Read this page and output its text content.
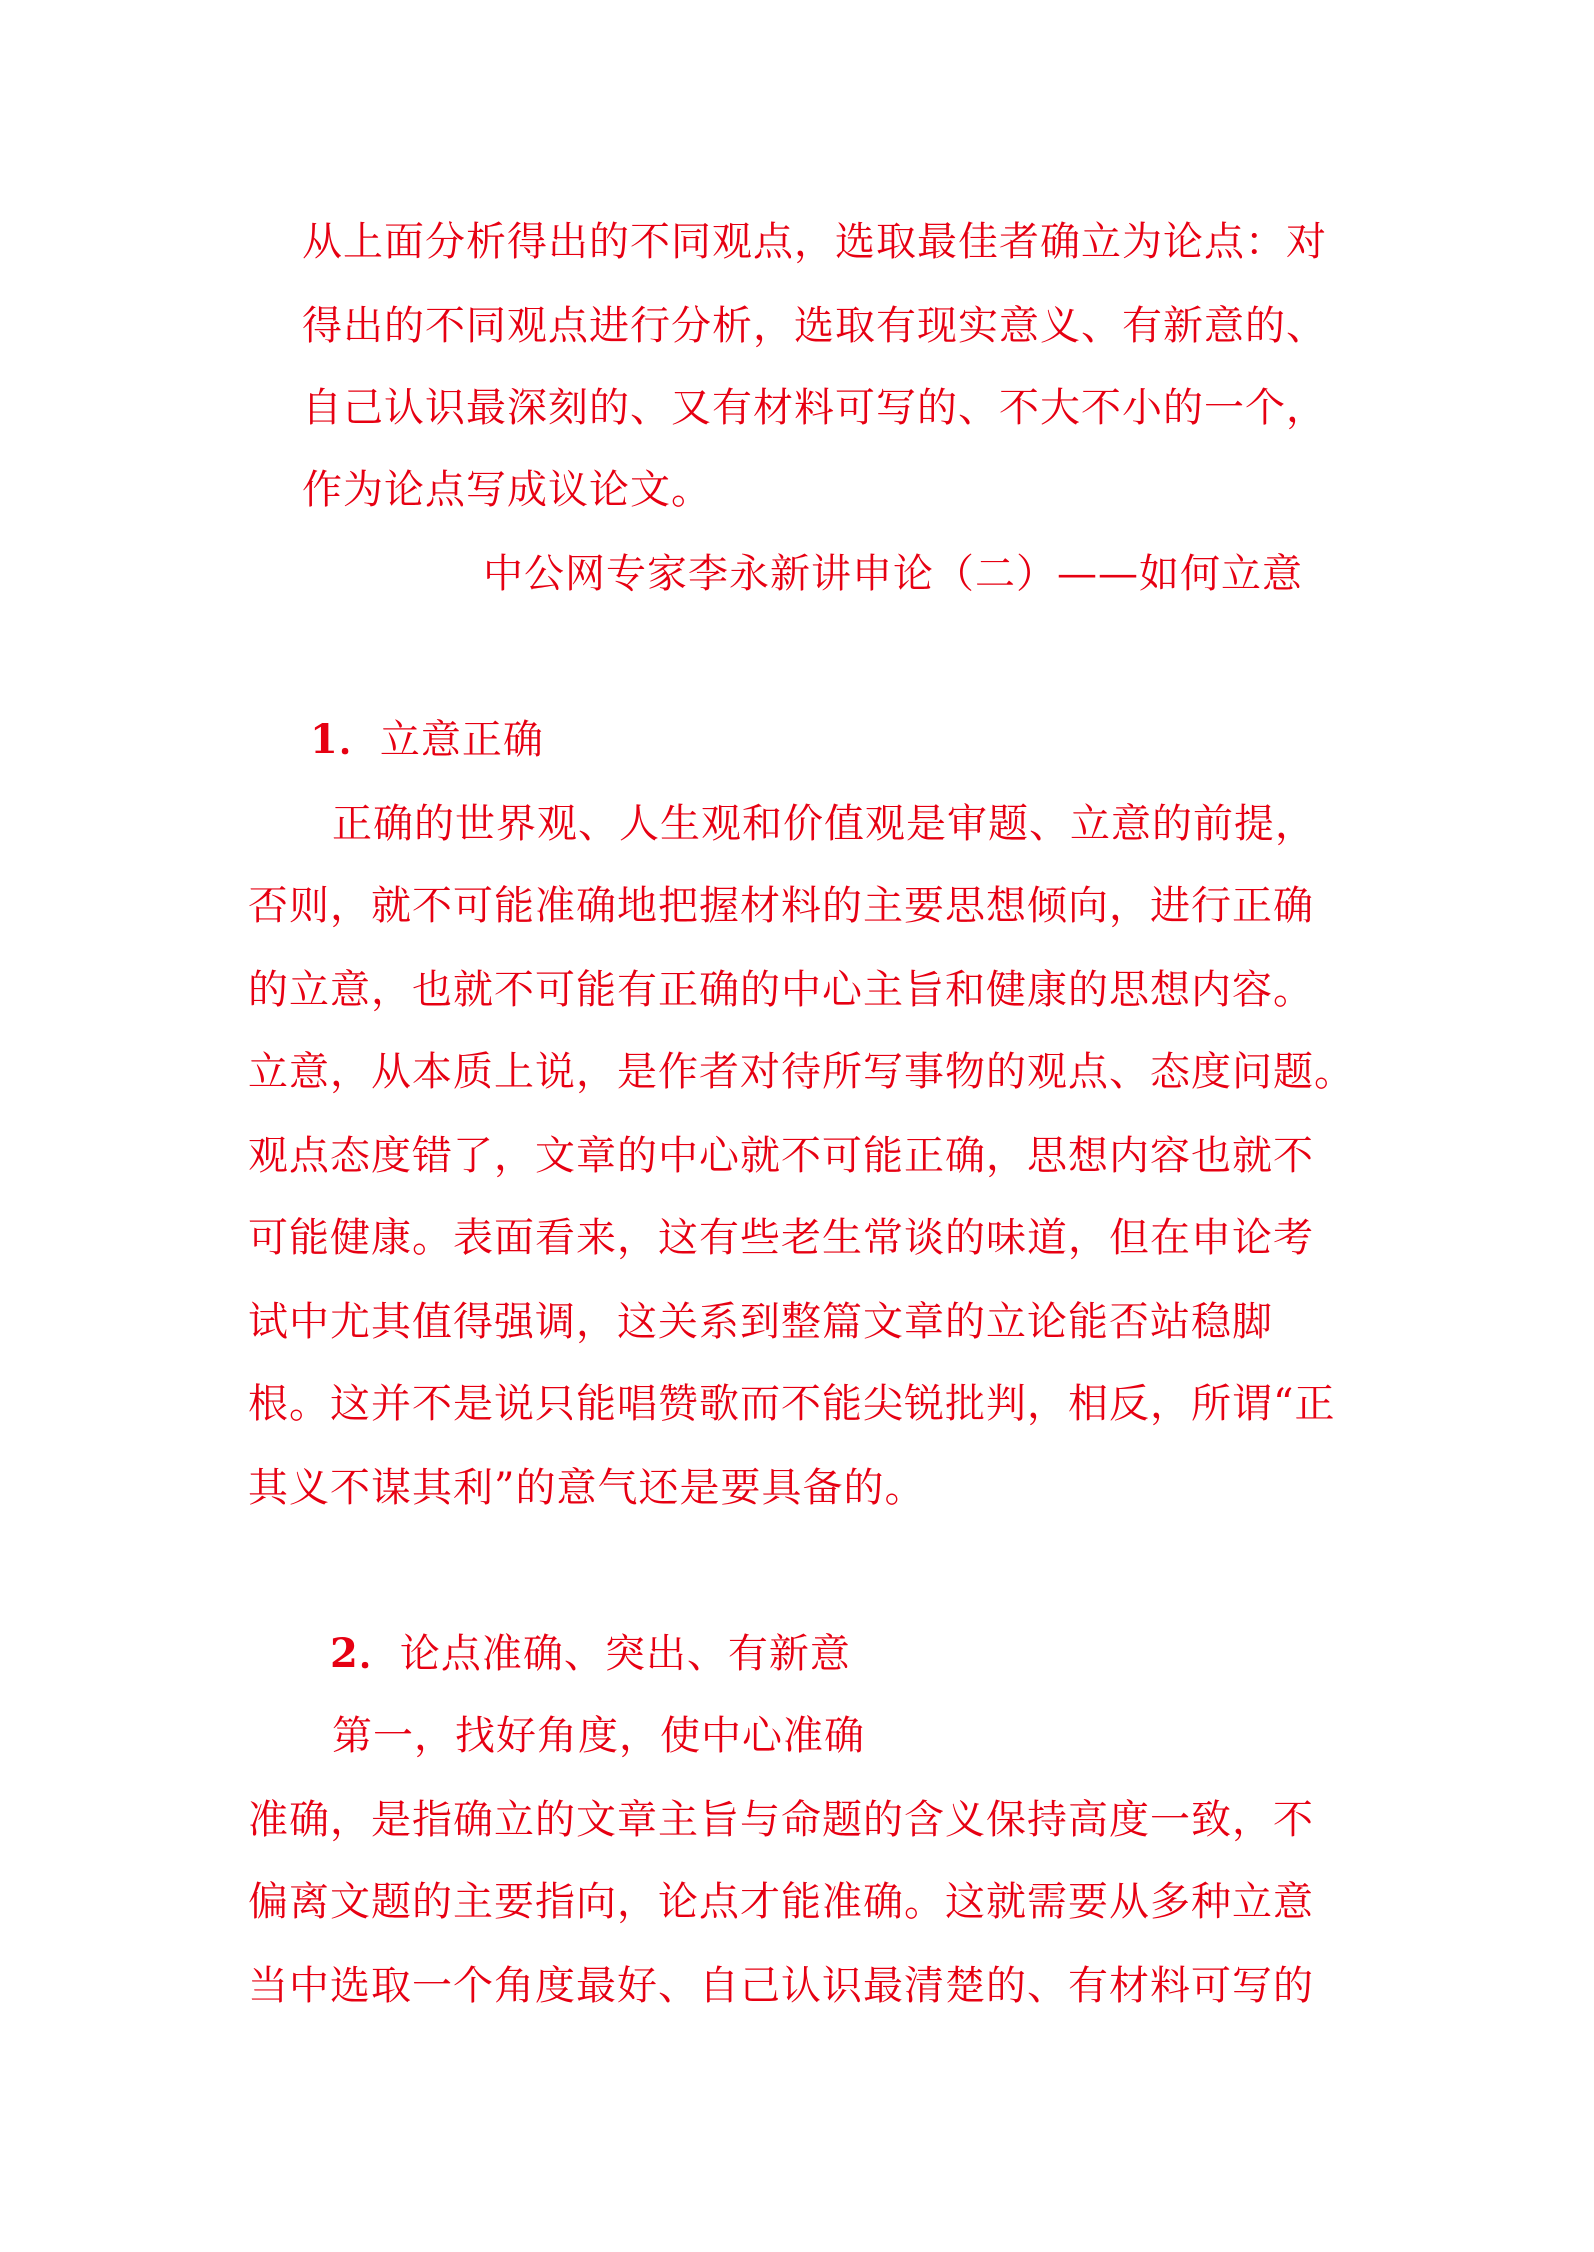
从上面分析得出的不同观点，选取最佳者确立为论点：对
得出的不同观点进行分析，选取有现实意义、有新意的、
自己认识最深刻的、又有材料可写的、不大不小的一个，
作为论点写成议论文。
中公网专家李永新讲申论（二）——如何立意
1．立意正确
正确的世界观、人生观和价值观是审题、立意的前提，
否则，就不可能准确地把握材料的主要思想倾向，进行正确
的立意，也就不可能有正确的中心主旨和健康的思想内容。
立意，从本质上说，是作者对待所写事物的观点、态度问题。
观点态度错了，文章的中心就不可能正确，思想内容也就不
可能健康。表面看来，这有些老生常谈的味道，但在申论考
试中尤其值得强调，这关系到整篇文章的立论能否站稳脚
根。这并不是说只能唱赞歌而不能尖锐批判，相反，所谓“正
其义不谋其利”的意气还是要具备的。
2．论点准确、突出、有新意
第一，找好角度，使中心准确
准确，是指确立的文章主旨与命题的含义保持高度一致，不
偏离文题的主要指向，论点才能准确。这就需要从多种立意
当中选取一个角度最好、自己认识最清楚的、有材料可写的
